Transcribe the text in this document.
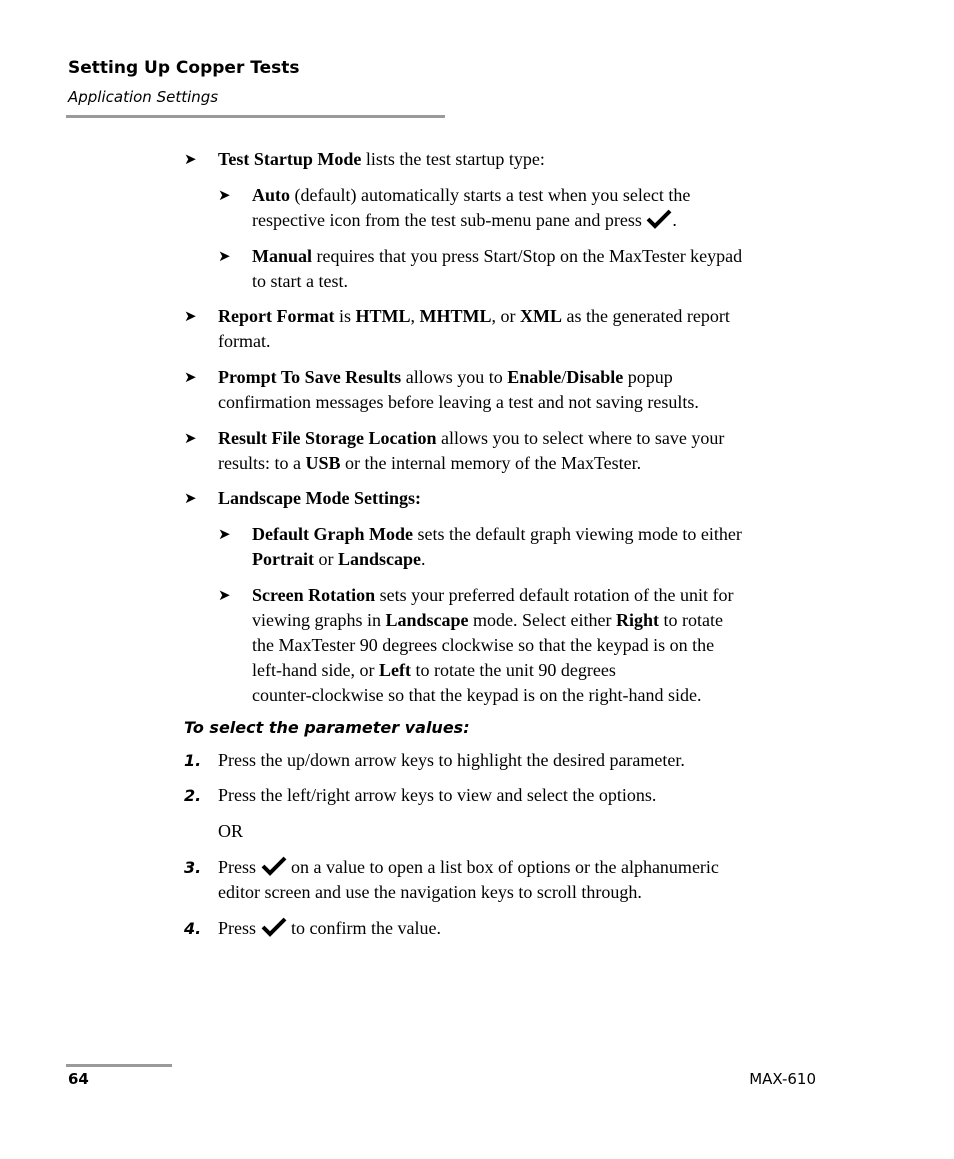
Setting Up Copper Tests
Application Settings
➤ Test Startup Mode lists the test startup type:
➤ Auto (default) automatically starts a test when you select the
respective icon from the test sub-menu pane and press .
➤ Manual requires that you press Start/Stop on the MaxTester keypad
to start a test.
➤ Report Format is HTML, MHTML, or XML as the generated report
format.
➤ Prompt To Save Results allows you to Enable/Disable popup
confirmation messages before leaving a test and not saving results.
➤ Result File Storage Location allows you to select where to save your
results: to a USB or the internal memory of the MaxTester.
➤ Landscape Mode Settings:
➤ Default Graph Mode sets the default graph viewing mode to either
Portrait or Landscape.
➤ Screen Rotation sets your preferred default rotation of the unit for
viewing graphs in Landscape mode. Select either Right to rotate
the MaxTester 90 degrees clockwise so that the keypad is on the
left-hand side, or Left to rotate the unit 90 degrees
counter-clockwise so that the keypad is on the right-hand side.
To select the parameter values:
1. Press the up/down arrow keys to highlight the desired parameter.
2. Press the left/right arrow keys to view and select the options.
OR
3. Press  on a value to open a list box of options or the alphanumeric
editor screen and use the navigation keys to scroll through.
4. Press  to confirm the value.
64	MAX-610
